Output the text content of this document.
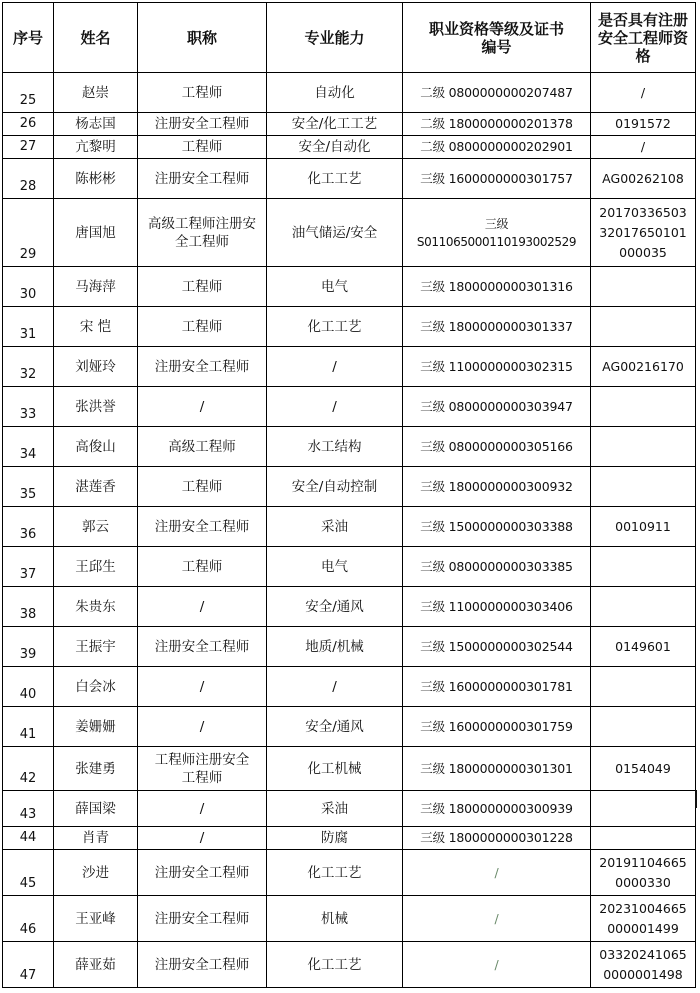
序号	姓名	职称	专业能力	职业资格等级及证书编号	是否具有注册安全工程师资格
25	赵崇	工程师	自动化	二级 0800000000207487	/
26	杨志国	注册安全工程师	安全/化工工艺	二级 1800000000201378	0191572
27	亢黎明	工程师	安全/自动化	二级 0800000000202901	/
28	陈彬彬	注册安全工程师	化工工艺	三级 1600000000301757	AG00262108
29	唐国旭	高级工程师注册安全工程师	油气储运/安全	三级 S011065000110193002529	2017033650332017650101000035
30	马海萍	工程师	电气	三级 1800000000301316	
31	宋 恺	工程师	化工工艺	三级 1800000000301337	
32	刘娅玲	注册安全工程师	/	三级 1100000000302315	AG00216170
33	张洪誉	/	/	三级 0800000000303947	
34	高俊山	高级工程师	水工结构	三级 0800000000305166	
35	湛莲香	工程师	安全/自动控制	三级 1800000000300932	
36	郭云	注册安全工程师	采油	三级 1500000000303388	0010911
37	王邱生	工程师	电气	三级 0800000000303385	
38	朱贵东	/	安全/通风	三级 1100000000303406	
39	王振宇	注册安全工程师	地质/机械	三级 1500000000302544	0149601
40	白会冰	/	/	三级 1600000000301781	
41	姜姗姗	/	安全/通风	三级 1600000000301759	
42	张建勇	工程师注册安全工程师	化工机械	三级 1800000000301301	0154049
43	薛国梁	/	采油	三级 1800000000300939	
44	肖青	/	防腐	三级 1800000000301228	
45	沙进	注册安全工程师	化工工艺	/	201911046650000330
46	王亚峰	注册安全工程师	机械	/	202310046650000014​99
47	薛亚茹	注册安全工程师	化工工艺	/	033202410650000001498
